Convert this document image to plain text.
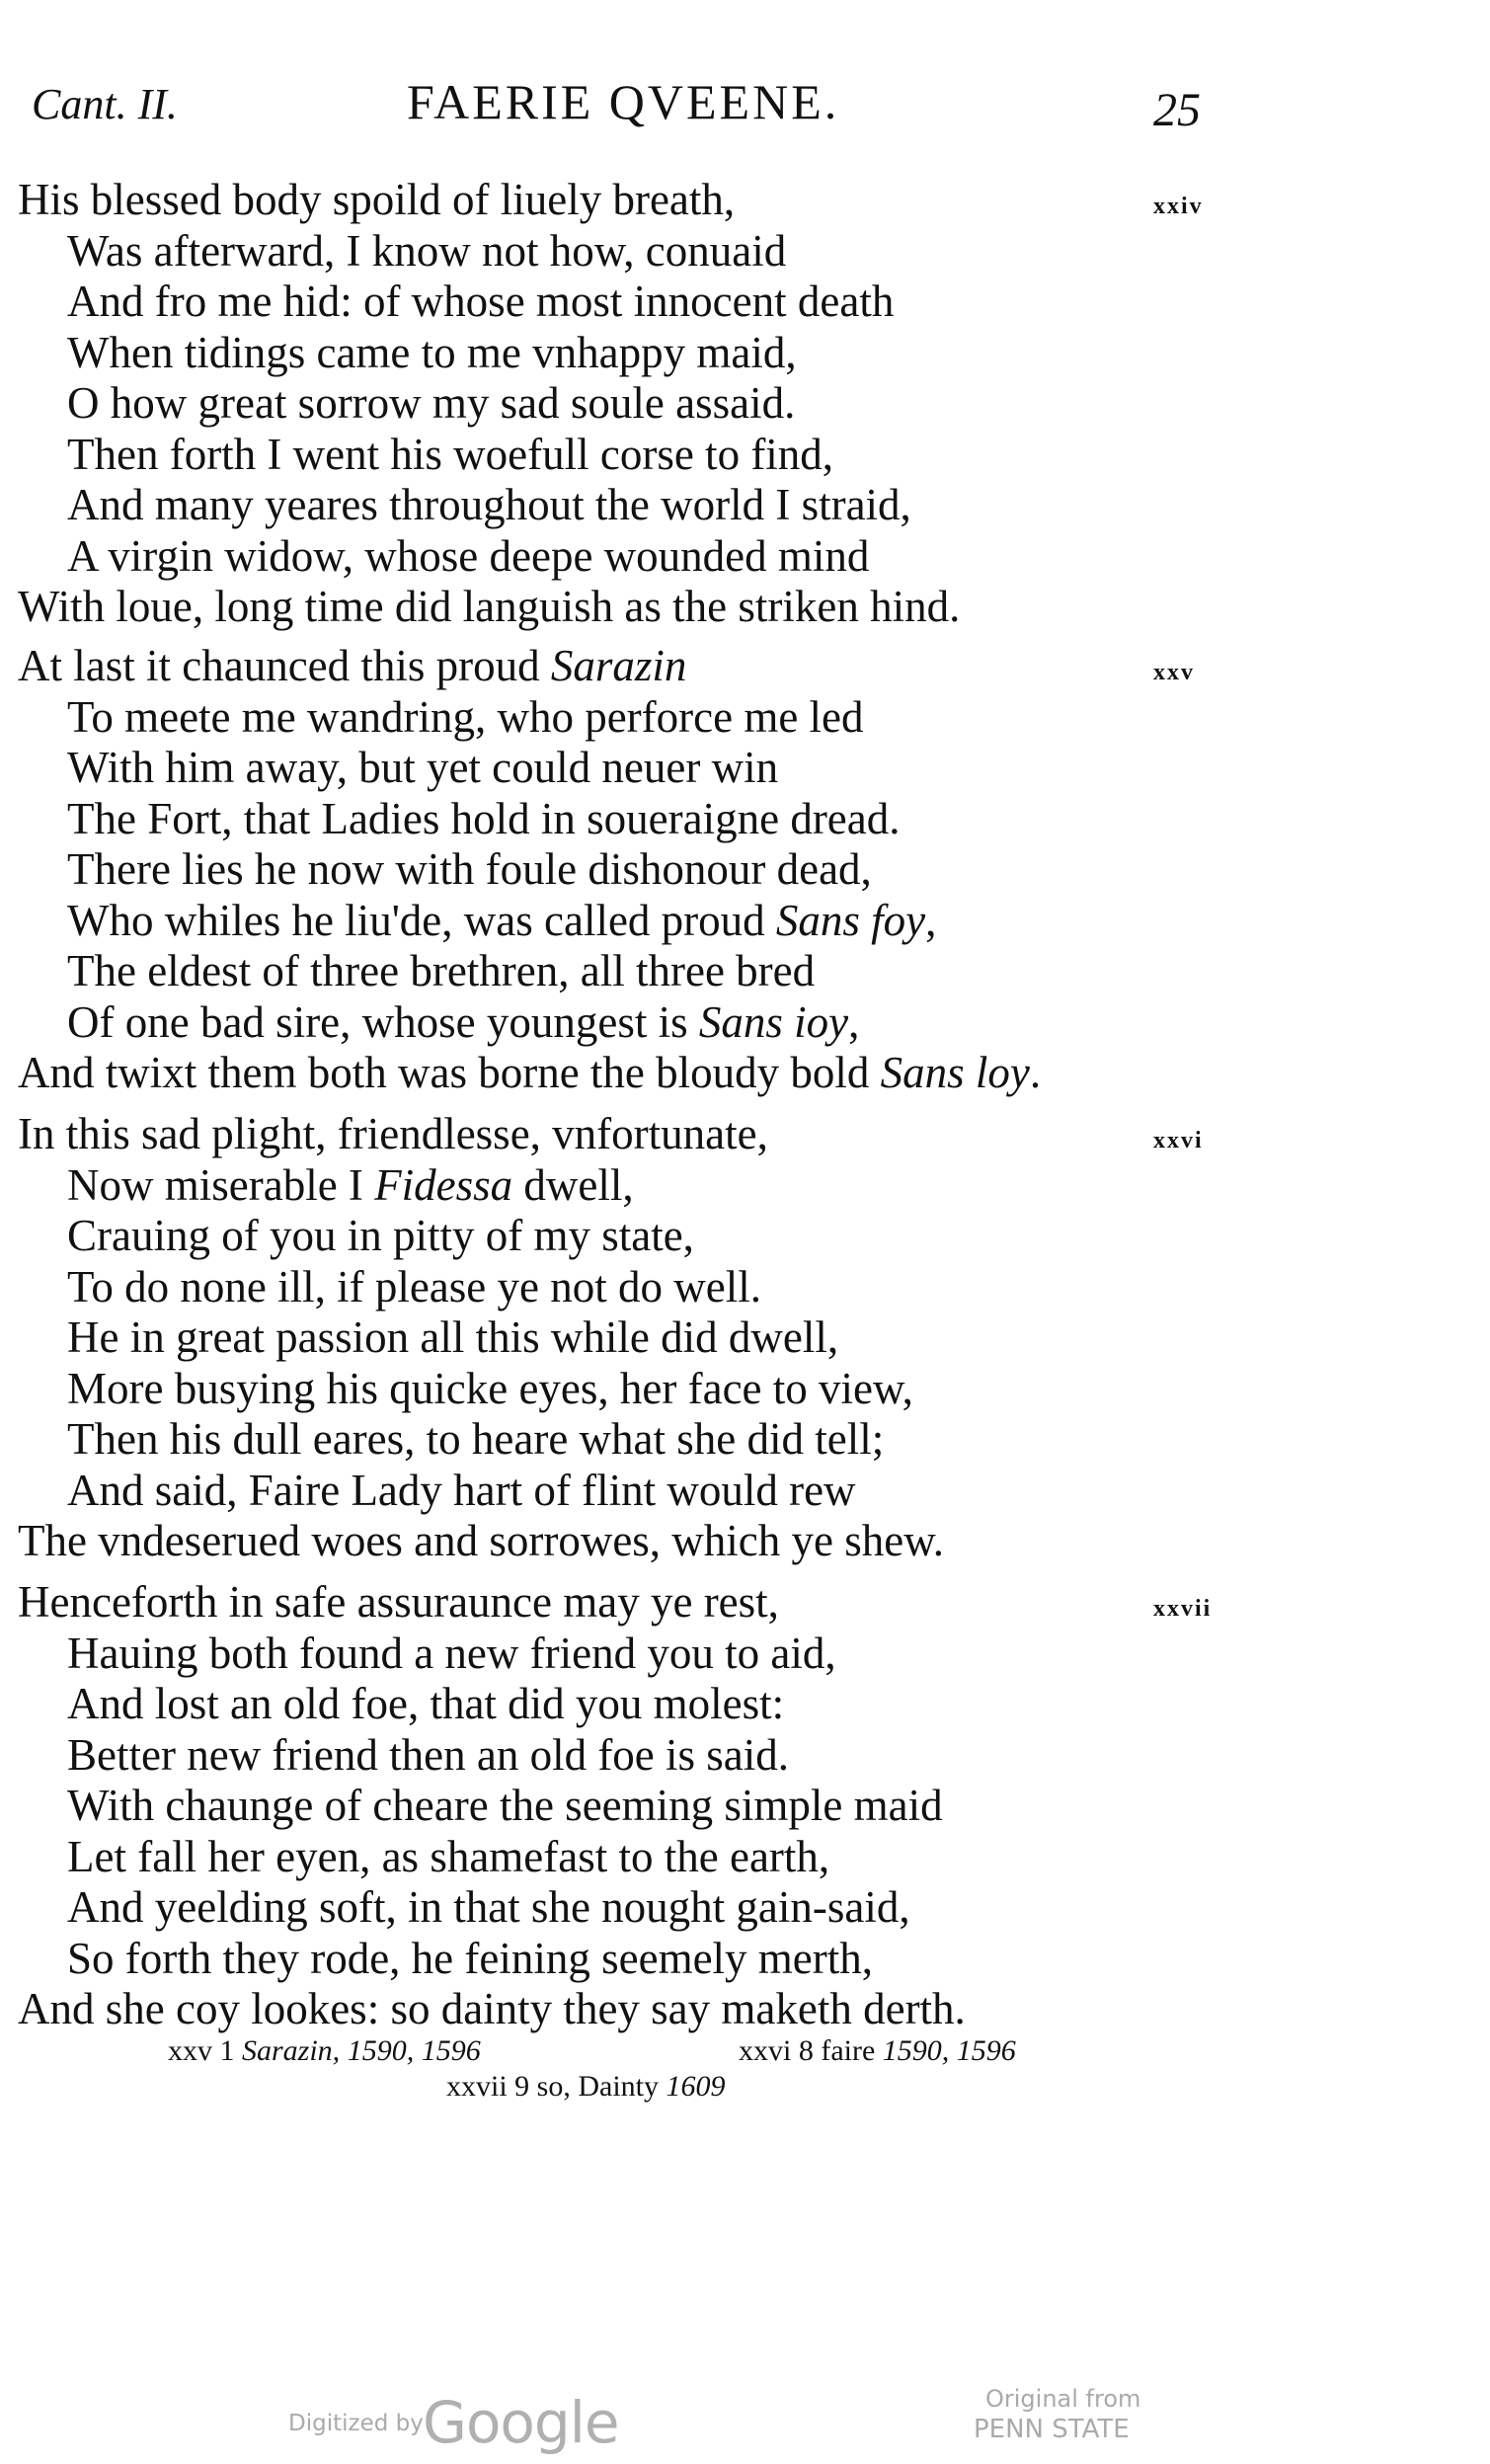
Cant. II.	FAERIE QVEENE.	25
xxiv
His blessed body spoild of liuely breath,
Was afterward, I know not how, conuaid
And fro me hid: of whose most innocent death
When tidings came to me vnhappy maid,
O how great sorrow my sad soule assaid.
Then forth I went his woefull corse to find,
And many yeares throughout the world I straid,
A virgin widow, whose deepe wounded mind
With loue, long time did languish as the striken hind.
xxv
At last it chaunced this proud Sarazin
To meete me wandring, who perforce me led
With him away, but yet could neuer win
The Fort, that Ladies hold in soueraigne dread.
There lies he now with foule dishonour dead,
Who whiles he liu'de, was called proud Sans foy,
The eldest of three brethren, all three bred
Of one bad sire, whose youngest is Sans ioy,
And twixt them both was borne the bloudy bold Sans loy.
xxvi
In this sad plight, friendlesse, vnfortunate,
Now miserable I Fidessa dwell,
Crauing of you in pitty of my state,
To do none ill, if please ye not do well.
He in great passion all this while did dwell,
More busying his quicke eyes, her face to view,
Then his dull eares, to heare what she did tell;
And said, Faire Lady hart of flint would rew
The vndeserued woes and sorrowes, which ye shew.
xxvii
Henceforth in safe assuraunce may ye rest,
Hauing both found a new friend you to aid,
And lost an old foe, that did you molest:
Better new friend then an old foe is said.
With chaunge of cheare the seeming simple maid
Let fall her eyen, as shamefast to the earth,
And yeelding soft, in that she nought gain-said,
So forth they rode, he feining seemely merth,
And she coy lookes: so dainty they say maketh derth.
xxv 1 Sarazin, 1590, 1596	xxvi 8 faire 1590, 1596
xxvii 9 so, Dainty 1609
Digitized by Google	Original from
PENN STATE
